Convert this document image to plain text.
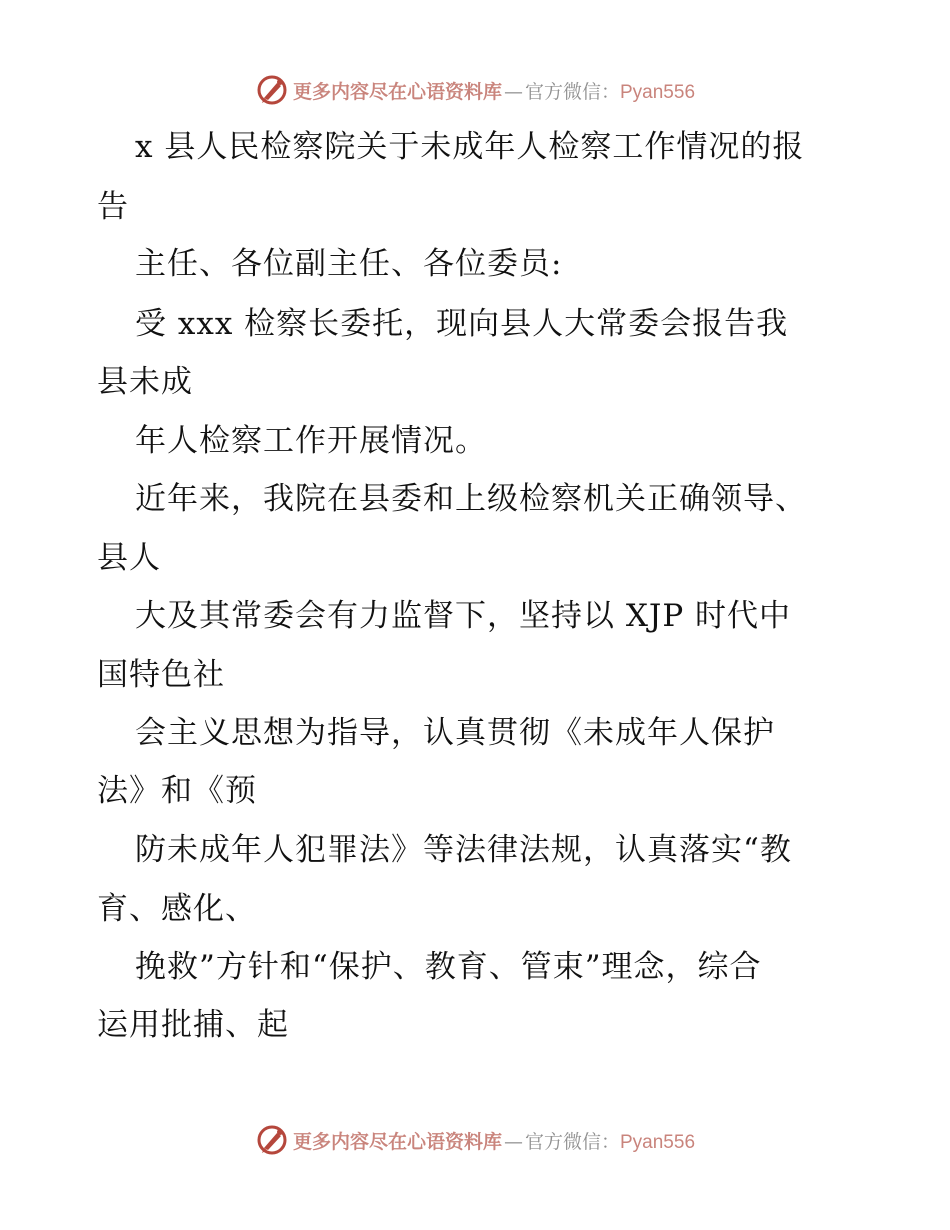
更多内容尽在心语资料库 — 官方微信： Pyan556
x 县人民检察院关于未成年人检察工作情况的报
告
主任、各位副主任、各位委员:
受 xxx 检察长委托，现向县人大常委会报告我
县未成
年人检察工作开展情况。
近年来，我院在县委和上级检察机关正确领导、
县人
大及其常委会有力监督下，坚持以 XJP 时代中
国特色社
会主义思想为指导，认真贯彻《未成年人保护
法》和《预
防未成年人犯罪法》等法律法规，认真落实“教
育、感化、
挽救”方针和“保护、教育、管束”理念，综合
运用批捕、起
更多内容尽在心语资料库 — 官方微信： Pyan556
